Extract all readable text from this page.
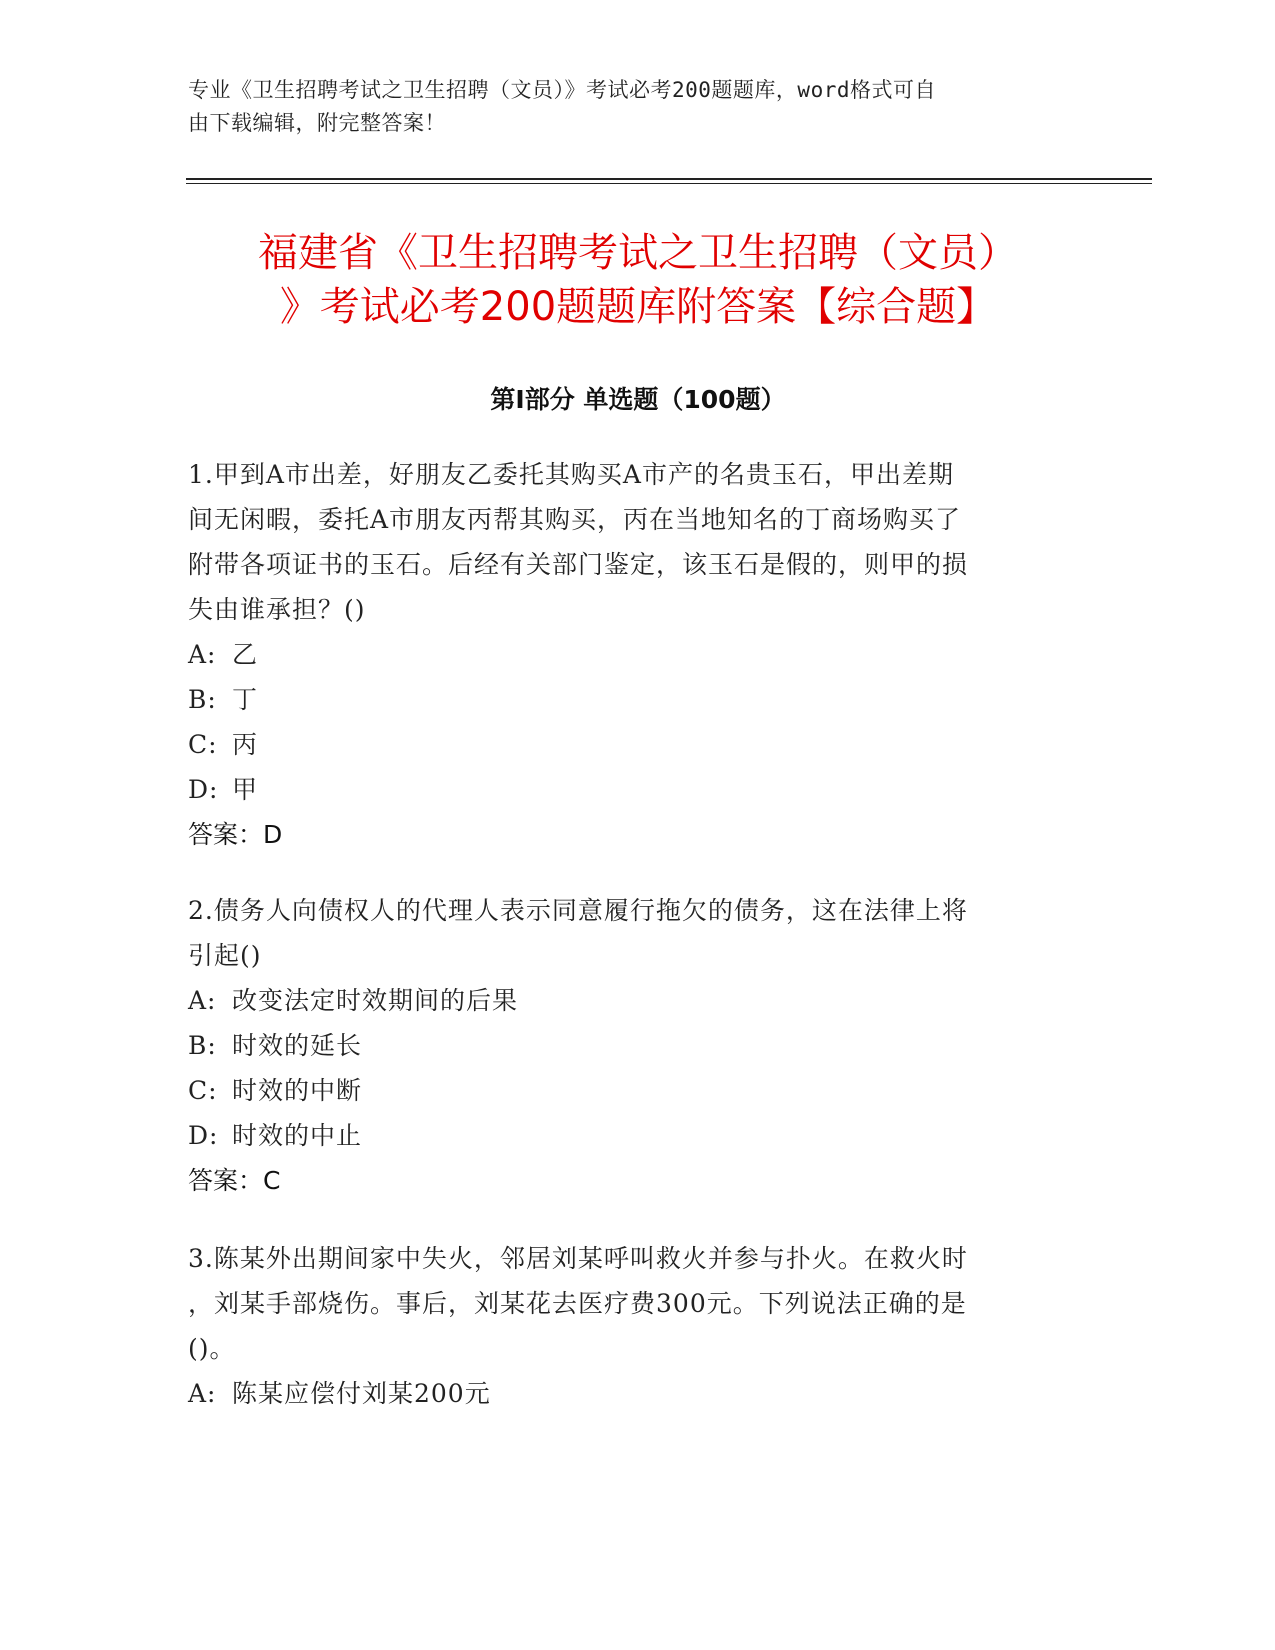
专业《卫生招聘考试之卫生招聘（文员）》考试必考200题题库，word格式可自
由下载编辑，附完整答案！
福建省《卫生招聘考试之卫生招聘（文员）
》考试必考200题题库附答案【综合题】
第Ⅰ部分 单选题（100题）
1.甲到A市出差，好朋友乙委托其购买A市产的名贵玉石，甲出差期
间无闲暇，委托A市朋友丙帮其购买，丙在当地知名的丁商场购买了
附带各项证书的玉石。后经有关部门鉴定，该玉石是假的，则甲的损
失由谁承担？()
A: 乙
B: 丁
C: 丙
D: 甲
答案：D
2.债务人向债权人的代理人表示同意履行拖欠的债务，这在法律上将
引起()
A: 改变法定时效期间的后果
B: 时效的延长
C: 时效的中断
D: 时效的中止
答案：C
3.陈某外出期间家中失火，邻居刘某呼叫救火并参与扑火。在救火时
，刘某手部烧伤。事后，刘某花去医疗费300元。下列说法正确的是
()。
A: 陈某应偿付刘某200元
